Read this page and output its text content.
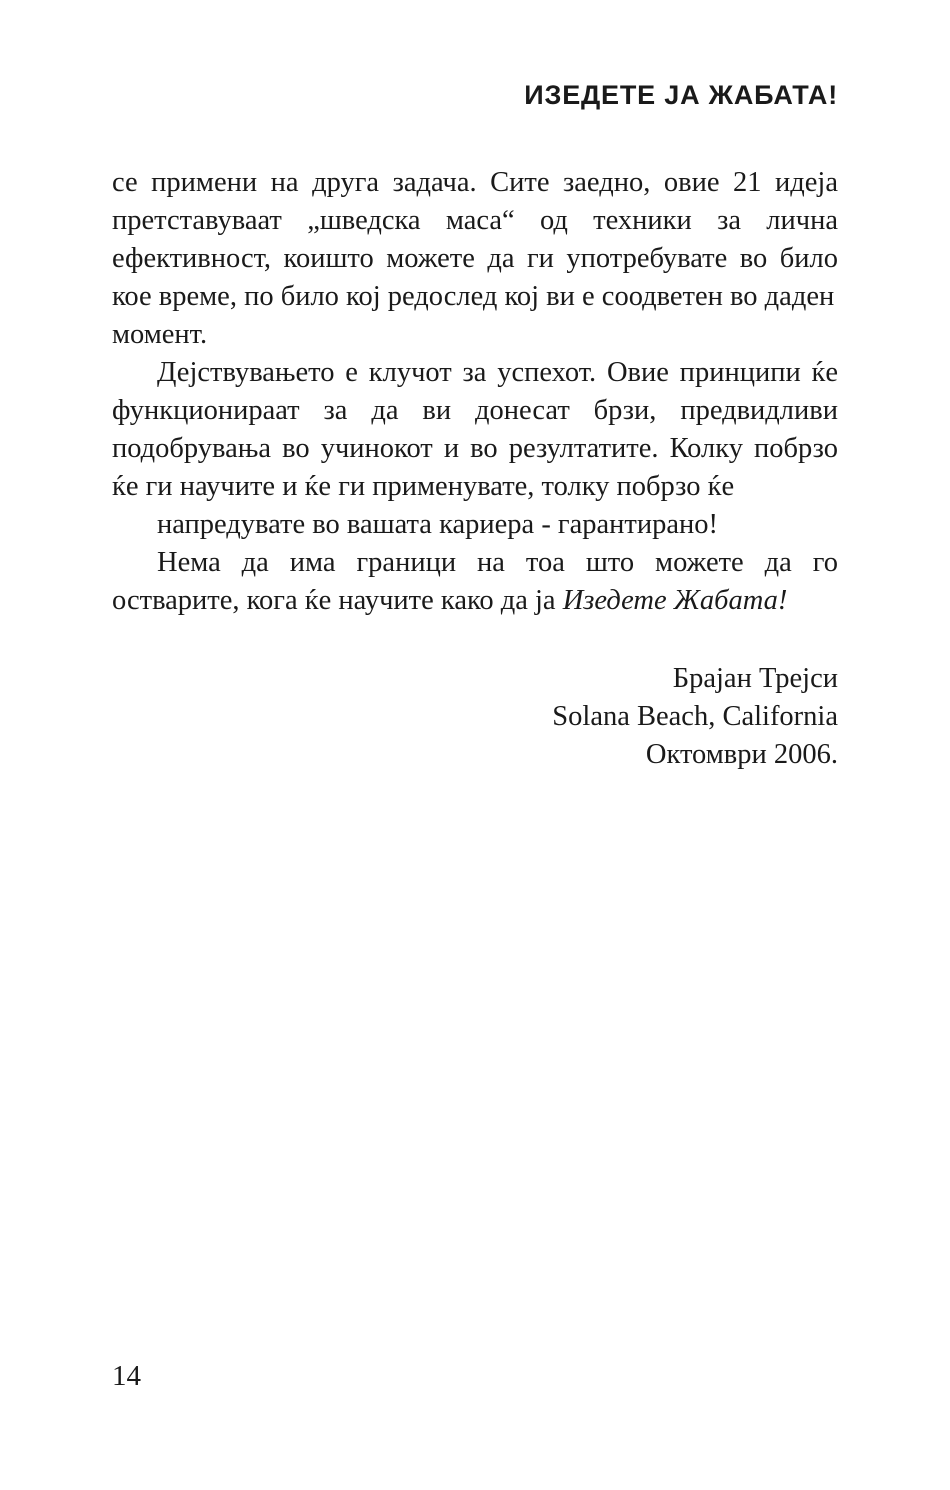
ИЗЕДЕТЕ ЈА ЖАБАТА!

се примени на друга задача. Сите заедно, овие 21 идеја претставуваат „шведска маса“ од техники за лична ефективност, коишто можете да ги употребувате во било кое време, по било кој редослед кој ви е соодветен во даден
момент.

Дејствувањето е клучот за успехот. Овие принципи ќе функционираат за да ви донесат брзи, предвидливи подобрувања во учинокот и во резултатите. Колку побрзо ќе ги научите и ќе ги применувате, толку побрзо ќе
напредувате во вашата кариера - гарантирано!

Нема да има граници на тоа што можете да го остварите, кога ќе научите како да ја Изедете Жабата!

Брајан Трејси

Solana Beach, California

Октомври 2006.

14
